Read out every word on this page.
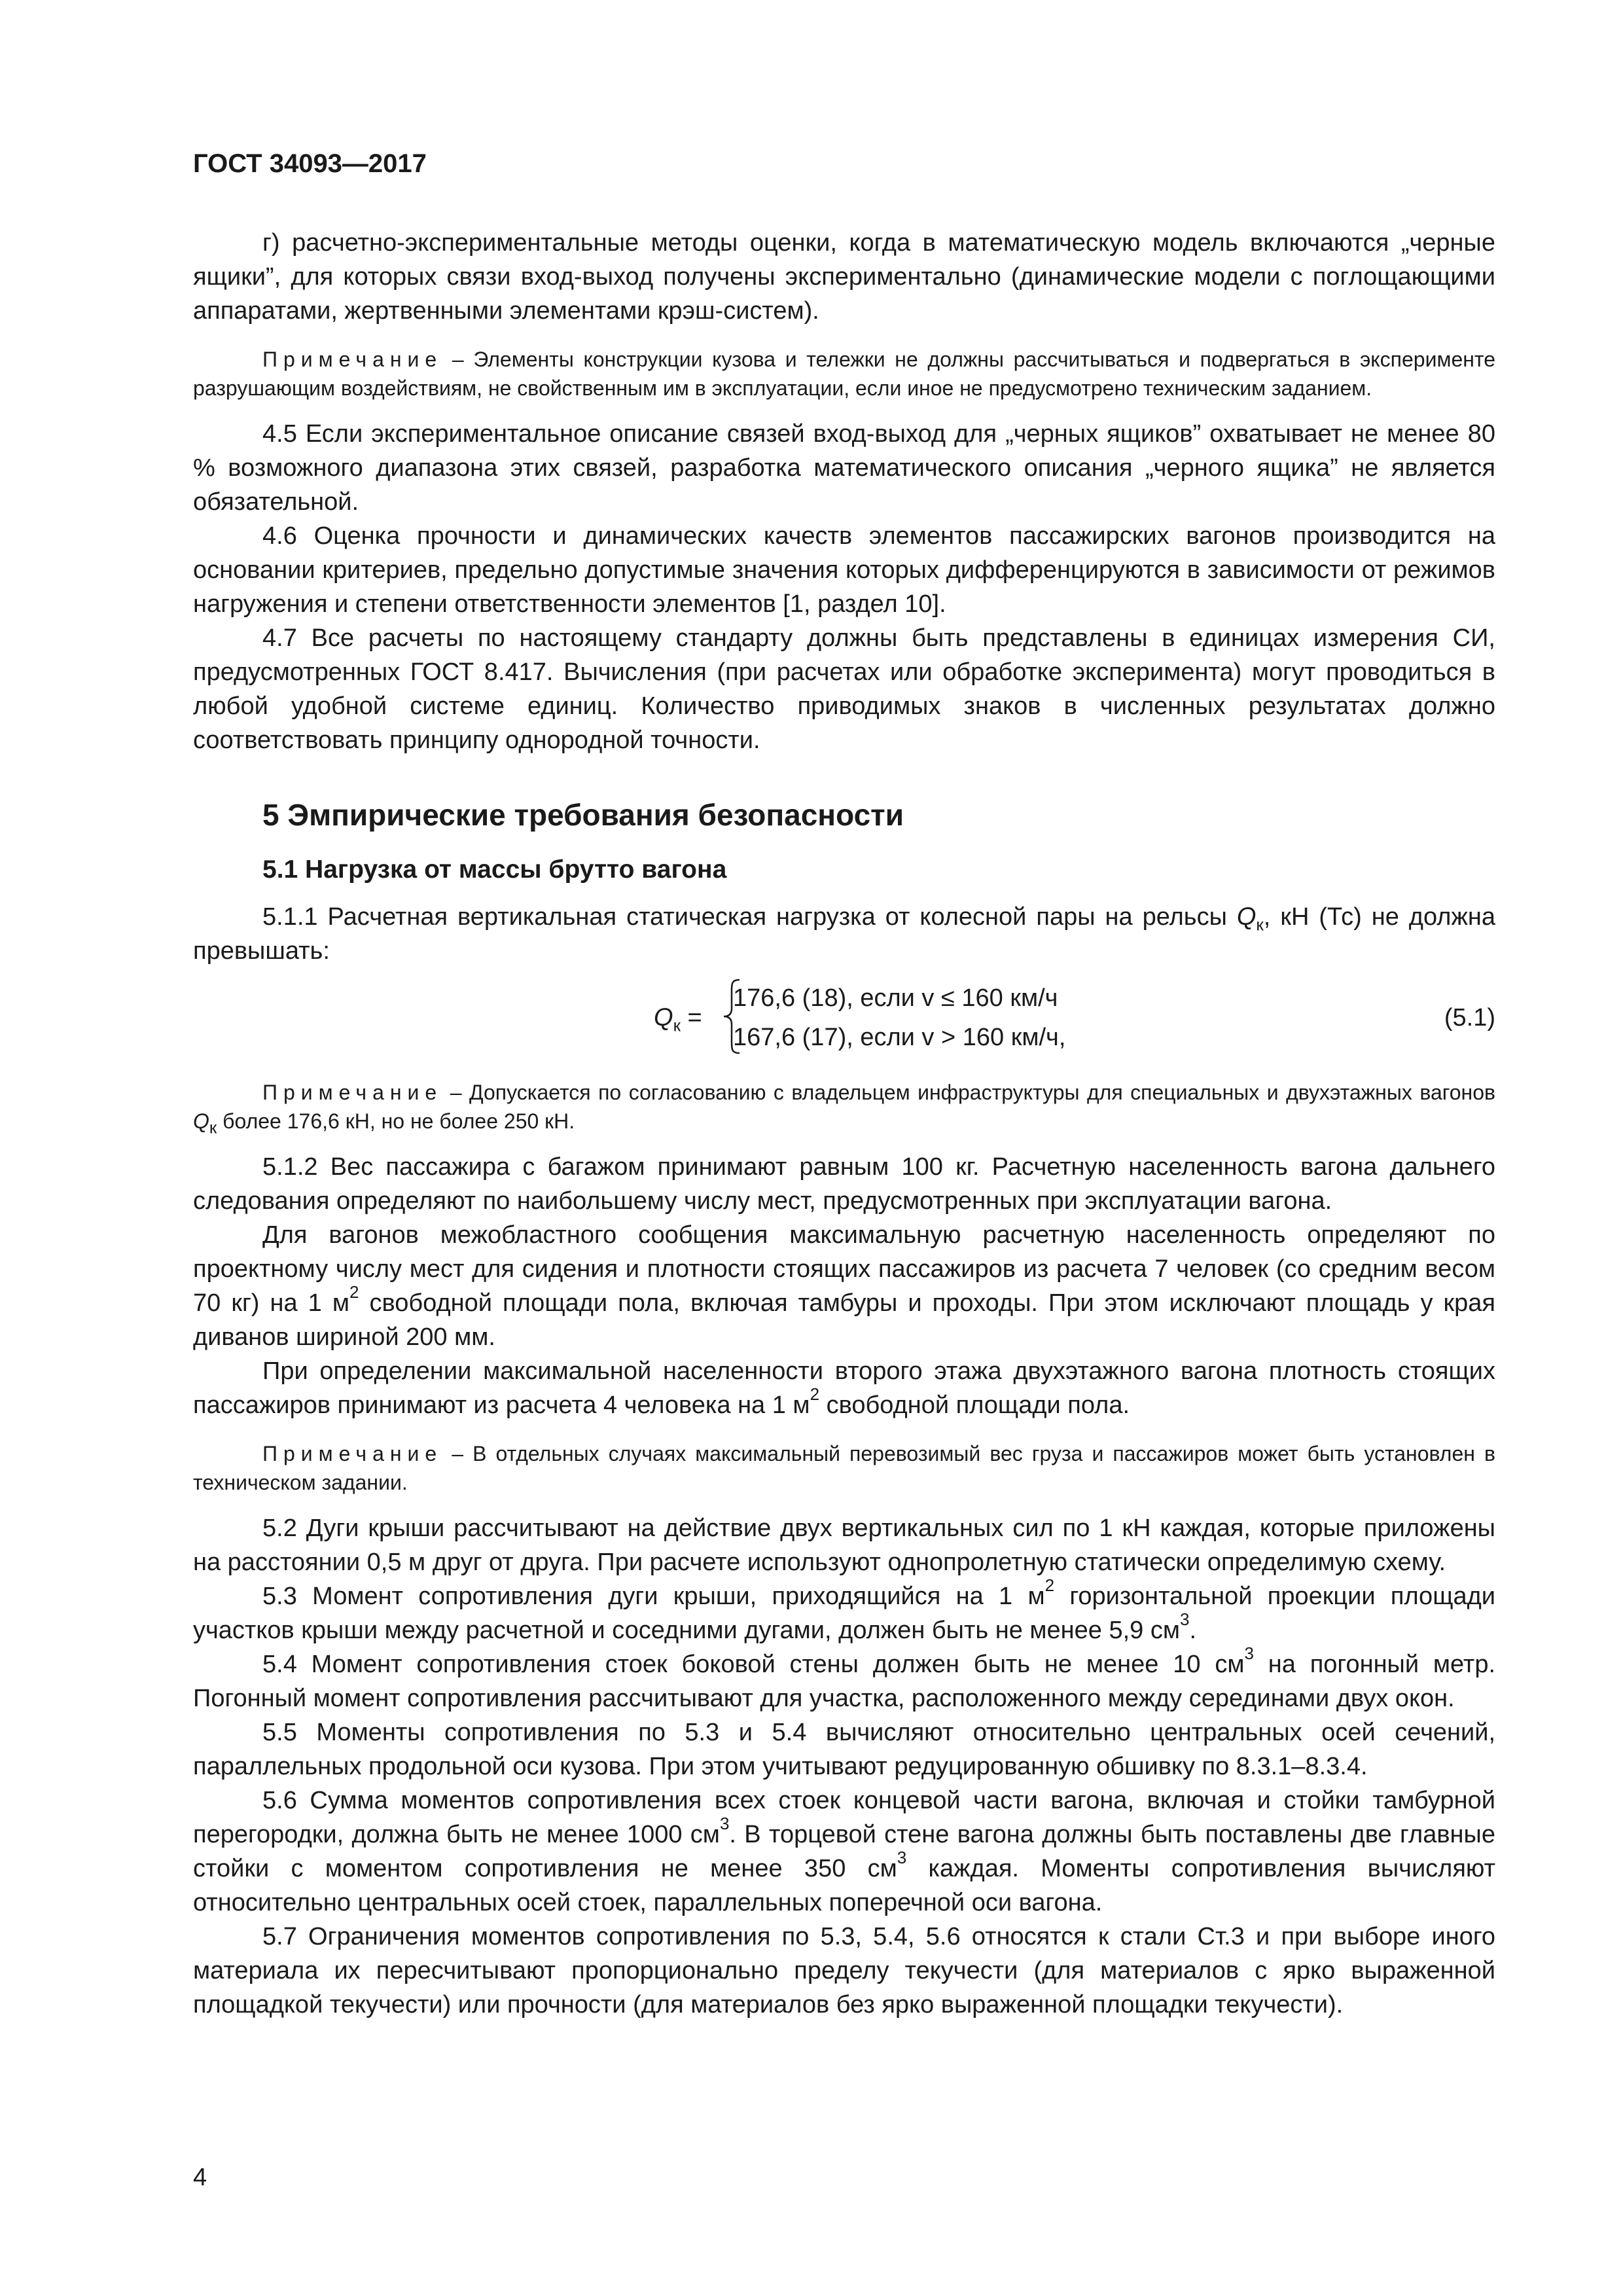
ГОСТ 34093—2017

г) расчетно-экспериментальные методы оценки, когда в математическую модель включаются „черные ящики”, для которых связи вход-выход получены экспериментально (динамические модели с поглощающими аппаратами, жертвенными элементами крэш-систем).

Примечание – Элементы конструкции кузова и тележки не должны рассчитываться и подвергаться в эксперименте разрушающим воздействиям, не свойственным им в эксплуатации, если иное не предусмотрено техническим заданием.

4.5 Если экспериментальное описание связей вход-выход для „черных ящиков” охватывает не менее 80 % возможного диапазона этих связей, разработка математического описания „черного ящика” не является обязательной.

4.6 Оценка прочности и динамических качеств элементов пассажирских вагонов производится на основании критериев, предельно допустимые значения которых дифференцируются в зависимости от режимов нагружения и степени ответственности элементов [1, раздел 10].

4.7 Все расчеты по настоящему стандарту должны быть представлены в единицах измерения СИ, предусмотренных ГОСТ 8.417. Вычисления (при расчетах или обработке эксперимента) могут проводиться в любой удобной системе единиц. Количество приводимых знаков в численных результатах должно соответствовать принципу однородной точности.

5 Эмпирические требования безопасности
5.1 Нагрузка от массы брутто вагона

5.1.1 Расчетная вертикальная статическая нагрузка от колесной пары на рельсы $Q_к$, кН (Тс) не должна превышать:

$Q_к$ =
176,6 (18), если v ≤ 160 км/ч
167,6 (17), если v > 160 км/ч,
(5.1)

Примечание – Допускается по согласованию с владельцем инфраструктуры для специальных и двухэтажных вагонов $Q_к$ более 176,6 кН, но не более 250 кН.

5.1.2 Вес пассажира с багажом принимают равным 100 кг. Расчетную населенность вагона дальнего следования определяют по наибольшему числу мест, предусмотренных при эксплуатации вагона.

Для вагонов межобластного сообщения максимальную расчетную населенность определяют по проектному числу мест для сидения и плотности стоящих пассажиров из расчета 7 человек (со средним весом 70 кг) на 1 $м^2$ свободной площади пола, включая тамбуры и проходы. При этом исключают площадь у края диванов шириной 200 мм.

При определении максимальной населенности второго этажа двухэтажного вагона плотность стоящих пассажиров принимают из расчета 4 человека на 1 $м^2$ свободной площади пола.

Примечание – В отдельных случаях максимальный перевозимый вес груза и пассажиров может быть установлен в техническом задании.

5.2 Дуги крыши рассчитывают на действие двух вертикальных сил по 1 кН каждая, которые приложены на расстоянии 0,5 м друг от друга. При расчете используют однопролетную статически определимую схему.

5.3 Момент сопротивления дуги крыши, приходящийся на 1 $м^2$ горизонтальной проекции площади участков крыши между расчетной и соседними дугами, должен быть не менее 5,9 $см^3$.

5.4 Момент сопротивления стоек боковой стены должен быть не менее 10 $см^3$ на погонный метр. Погонный момент сопротивления рассчитывают для участка, расположенного между серединами двух окон.

5.5 Моменты сопротивления по 5.3 и 5.4 вычисляют относительно центральных осей сечений, параллельных продольной оси кузова. При этом учитывают редуцированную обшивку по 8.3.1–8.3.4.

5.6 Сумма моментов сопротивления всех стоек концевой части вагона, включая и стойки тамбурной перегородки, должна быть не менее 1000 $см^3$. В торцевой стене вагона должны быть поставлены две главные стойки с моментом сопротивления не менее 350 $см^3$ каждая. Моменты сопротивления вычисляют относительно центральных осей стоек, параллельных поперечной оси вагона.

5.7 Ограничения моментов сопротивления по 5.3, 5.4, 5.6 относятся к стали Ст.3 и при выборе иного материала их пересчитывают пропорционально пределу текучести (для материалов с ярко выраженной площадкой текучести) или прочности (для материалов без ярко выраженной площадки текучести).

4
